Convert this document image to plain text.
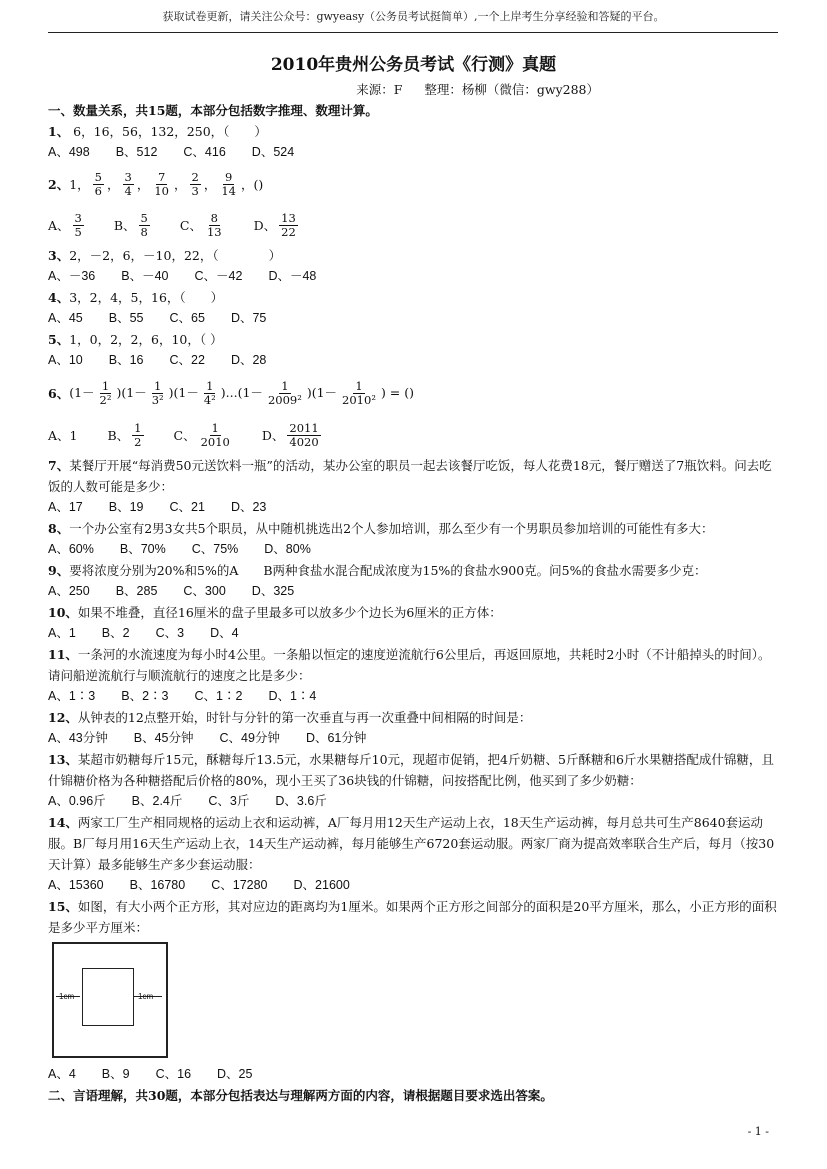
获取试卷更新，请关注公众号：gwyeasy（公务员考试挺简单）,一个上岸考生分享经验和答疑的平台。
2010年贵州公务员考试《行测》真题
来源：F 整理：杨柳（微信：gwy288）
一、数量关系，共15题，本部分包括数字推理、数理计算。
1、 6，16，56，132，250，（　　）
A、498 B、512 C、416 D、524
2、 1， $\frac{5}{6}$ ， $\frac{3}{4}$ ， $\frac{7}{10}$ ， $\frac{2}{3}$ ， $\frac{9}{14}$ ， ()
A、 $\frac{3}{5}$ B、 $\frac{5}{8}$ C、 $\frac{8}{13}$ D、 $\frac{13}{22}$
3、2，－2，6，－10，22，（　　　　）
A、－36 B、－40 C、－42 D、－48
4、3，2，4，5，16，（　　）
A、45 B、55 C、65 D、75
5、1，0，2，2，6，10，（ ）
A、10 B、16 C、22 D、28
6、 $(1- \frac{1}{\text{2²}} )(1- \frac{1}{\text{3²}} )(1- \frac{1}{\text{4²}} )...(1- \frac{1}{\text{2009²}} )(1- \frac{1}{\text{2010²}}$ ) = ()
A、 1 B、 $\frac{1}{2}$ C、 $\frac{1}{2010}$ D、 $\frac{2011}{4020}$
7、某餐厅开展“每消费50元送饮料一瓶”的活动，某办公室的职员一起去该餐厅吃饭，每人花费18元，餐厅赠送了7瓶饮料。问去吃饭的人数可能是多少：
A、17 B、19 C、21 D、23
8、一个办公室有2男3女共5个职员，从中随机挑选出2个人参加培训，那么至少有一个男职员参加培训的可能性有多大：
A、60% B、70% C、75% D、80%
9、要将浓度分别为20%和5%的A　　B两种食盐水混合配成浓度为15%的食盐水900克。问5%的食盐水需要多少克：
A、250 B、285 C、300 D、325
10、如果不堆叠，直径16厘米的盘子里最多可以放多少个边长为6厘米的正方体：
A、1 B、2 C、3 D、4
11、一条河的水流速度为每小时4公里。一条船以恒定的速度逆流航行6公里后，再返回原地，共耗时2小时（不计船掉头的时间）。请问船逆流航行与顺流航行的速度之比是多少：
A、1∶3 B、2∶3 C、1∶2 D、1∶4
12、从钟表的12点整开始，时针与分针的第一次垂直与再一次重叠中间相隔的时间是：
A、43分钟 B、45分钟 C、49分钟 D、61分钟
13、某超市奶糖每斤15元，酥糖每斤13.5元，水果糖每斤10元，现超市促销，把4斤奶糖、5斤酥糖和6斤水果糖搭配成什锦糖，且什锦糖价格为各种糖搭配后价格的80%，现小王买了36块钱的什锦糖，问按搭配比例，他买到了多少奶糖：
A、0.96斤 B、2.4斤 C、3斤 D、3.6斤
14、两家工厂生产相同规格的运动上衣和运动裤，A厂每月用12天生产运动上衣，18天生产运动裤，每月总共可生产8640套运动服。B厂每月用16天生产运动上衣，14天生产运动裤，每月能够生产6720套运动服。两家厂商为提高效率联合生产后，每月（按30天计算）最多能够生产多少套运动服：
A、15360 B、16780 C、17280 D、21600
15、如图，有大小两个正方形，其对应边的距离均为1厘米。如果两个正方形之间部分的面积是20平方厘米，那么，小正方形的面积是多少平方厘米：
1cm	1cm
A、4 B、9 C、16 D、25
二、言语理解，共30题，本部分包括表达与理解两方面的内容，请根据题目要求选出答案。
- 1 -
